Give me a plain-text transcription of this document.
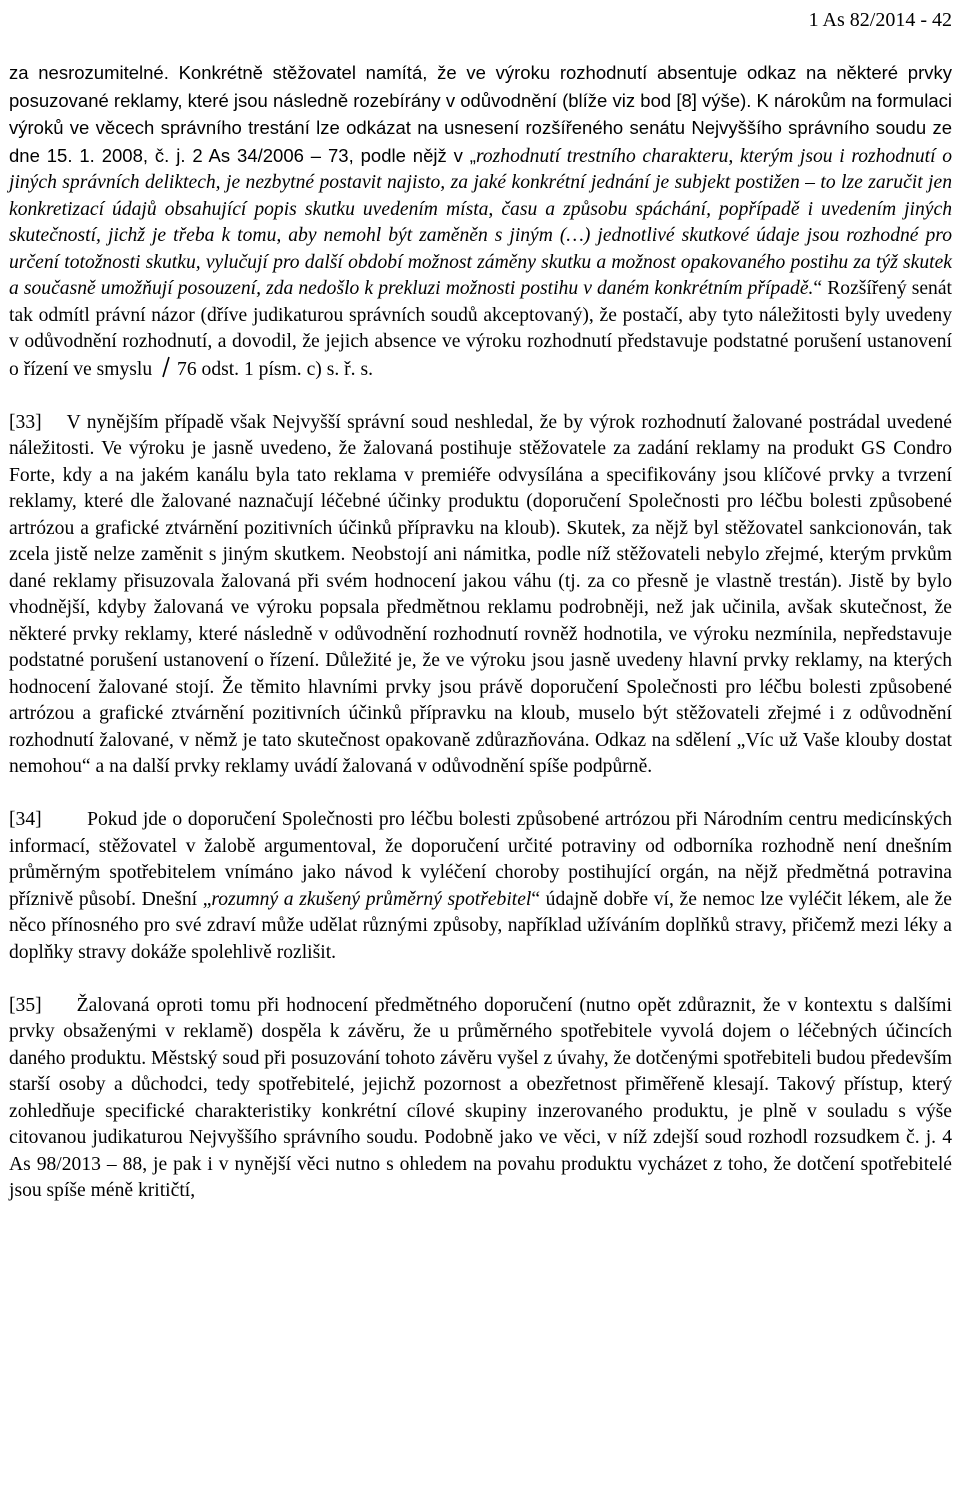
1 As 82/2014 - 42

za nesrozumitelné. Konkrétně stěžovatel namítá, že ve výroku rozhodnutí absentuje odkaz na některé prvky posuzované reklamy, které jsou následně rozebírány v odůvodnění (blíže viz bod [8] výše). K nárokům na formulaci výroků ve věcech správního trestání lze odkázat na usnesení rozšířeného senátu Nejvyššího správního soudu ze dne 15. 1. 2008, č. j. 2 As 34/2006 – 73, podle nějž v „rozhodnutí trestního charakteru, kterým jsou i rozhodnutí o jiných správních deliktech, je nezbytné postavit najisto, za jaké konkrétní jednání je subjekt postižen – to lze zaručit jen konkretizací údajů obsahující popis skutku uvedením místa, času a způsobu spáchání, popřípadě i uvedením jiných skutečností, jichž je třeba k tomu, aby nemohl být zaměněn s jiným (…) jednotlivé skutkové údaje jsou rozhodné pro určení totožnosti skutku, vylučují pro další období možnost záměny skutku a možnost opakovaného postihu za týž skutek a současně umožňují posouzení, zda nedošlo k prekluzi možnosti postihu v daném konkrétním případě.“ Rozšířený senát tak odmítl právní názor (dříve judikaturou správních soudů akceptovaný), že postačí, aby tyto náležitosti byly uvedeny v odůvodnění rozhodnutí, a dovodil, že jejich absence ve výroku rozhodnutí představuje podstatné porušení ustanovení o řízení ve smyslu 76 odst. 1 písm. c) s. ř. s.

[33] V nynějším případě však Nejvyšší správní soud neshledal, že by výrok rozhodnutí žalované postrádal uvedené náležitosti. Ve výroku je jasně uvedeno, že žalovaná postihuje stěžovatele za zadání reklamy na produkt GS Condro Forte, kdy a na jakém kanálu byla tato reklama v premiéře odvysílána a specifikovány jsou klíčové prvky a tvrzení reklamy, které dle žalované naznačují léčebné účinky produktu (doporučení Společnosti pro léčbu bolesti způsobené artrózou a grafické ztvárnění pozitivních účinků přípravku na kloub). Skutek, za nějž byl stěžovatel sankcionován, tak zcela jistě nelze zaměnit s jiným skutkem. Neobstojí ani námitka, podle níž stěžovateli nebylo zřejmé, kterým prvkům dané reklamy přisuzovala žalovaná při svém hodnocení jakou váhu (tj. za co přesně je vlastně trestán). Jistě by bylo vhodnější, kdyby žalovaná ve výroku popsala předmětnou reklamu podrobněji, než jak učinila, avšak skutečnost, že některé prvky reklamy, které následně v odůvodnění rozhodnutí rovněž hodnotila, ve výroku nezmínila, nepředstavuje podstatné porušení ustanovení o řízení. Důležité je, že ve výroku jsou jasně uvedeny hlavní prvky reklamy, na kterých hodnocení žalované stojí. Že těmito hlavními prvky jsou právě doporučení Společnosti pro léčbu bolesti způsobené artrózou a grafické ztvárnění pozitivních účinků přípravku na kloub, muselo být stěžovateli zřejmé i z odůvodnění rozhodnutí žalované, v němž je tato skutečnost opakovaně zdůrazňována. Odkaz na sdělení „Víc už Vaše klouby dostat nemohou“ a na další prvky reklamy uvádí žalovaná v odůvodnění spíše podpůrně.

[34] Pokud jde o doporučení Společnosti pro léčbu bolesti způsobené artrózou při Národním centru medicínských informací, stěžovatel v žalobě argumentoval, že doporučení určité potraviny od odborníka rozhodně není dnešním průměrným spotřebitelem vnímáno jako návod k vyléčení choroby postihující orgán, na nějž předmětná potravina příznivě působí. Dnešní „rozumný a zkušený průměrný spotřebitel“ údajně dobře ví, že nemoc lze vyléčit lékem, ale že něco přínosného pro své zdraví může udělat různými způsoby, například užíváním doplňků stravy, přičemž mezi léky a doplňky stravy dokáže spolehlivě rozlišit.

[35] Žalovaná oproti tomu při hodnocení předmětného doporučení (nutno opět zdůraznit, že v kontextu s dalšími prvky obsaženými v reklamě) dospěla k závěru, že u průměrného spotřebitele vyvolá dojem o léčebných účincích daného produktu. Městský soud při posuzování tohoto závěru vyšel z úvahy, že dotčenými spotřebiteli budou především starší osoby a důchodci, tedy spotřebitelé, jejichž pozornost a obezřetnost přiměřeně klesají. Takový přístup, který zohledňuje specifické charakteristiky konkrétní cílové skupiny inzerovaného produktu, je plně v souladu s výše citovanou judikaturou Nejvyššího správního soudu. Podobně jako ve věci, v níž zdejší soud rozhodl rozsudkem č. j. 4 As 98/2013 – 88, je pak i v nynější věci nutno s ohledem na povahu produktu vycházet z toho, že dotčení spotřebitelé jsou spíše méně kritičtí,
